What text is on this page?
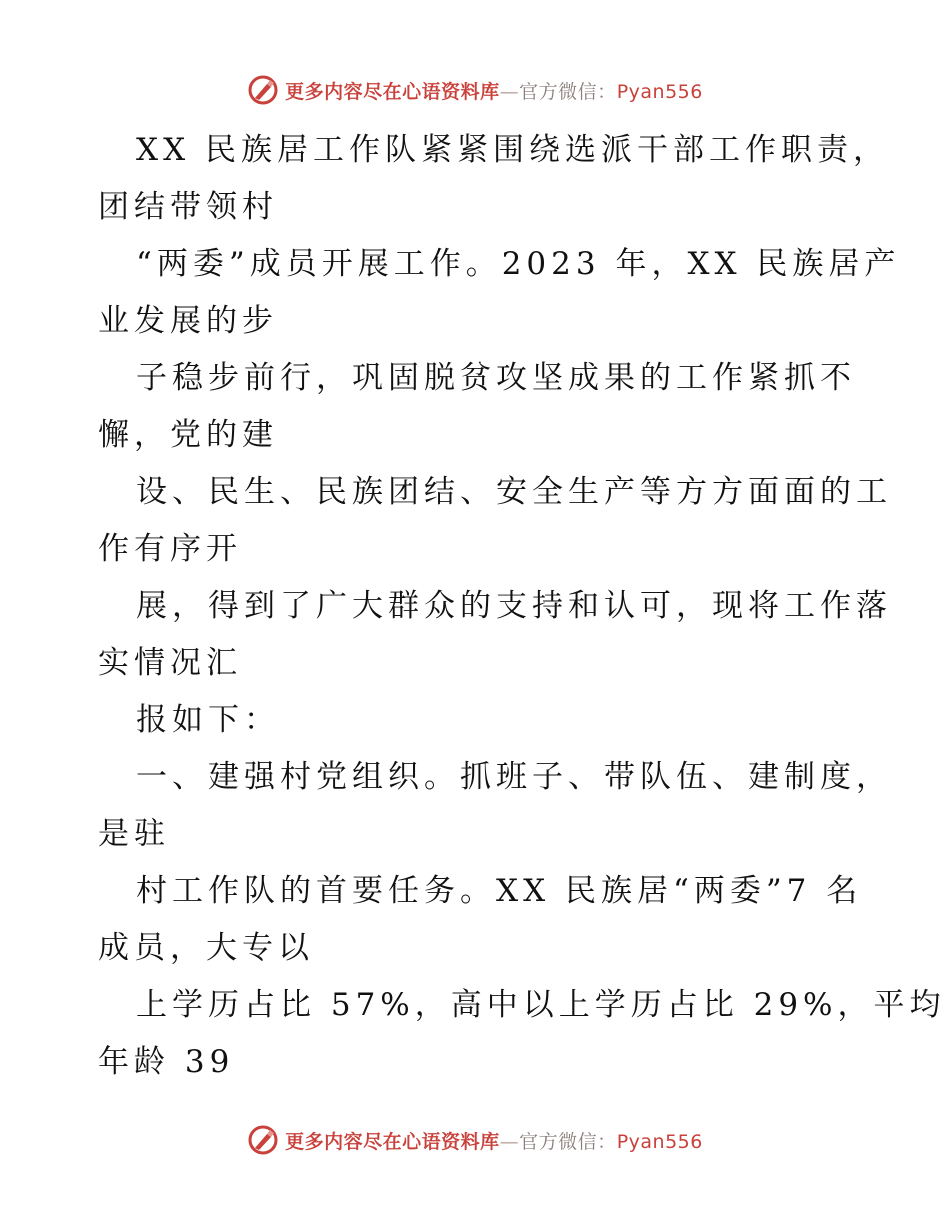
更多内容尽在心语资料库—官方微信：Pyan556
XX 民族居工作队紧紧围绕选派干部工作职责，
团结带领村
“两委”成员开展工作。2023 年，XX 民族居产
业发展的步
子稳步前行，巩固脱贫攻坚成果的工作紧抓不
懈，党的建
设、民生、民族团结、安全生产等方方面面的工
作有序开
展，得到了广大群众的支持和认可，现将工作落
实情况汇
报如下：
一、建强村党组织。抓班子、带队伍、建制度，
是驻
村工作队的首要任务。XX 民族居“两委”7 名
成员，大专以
上学历占比 57%，高中以上学历占比 29%，平均
年龄 39
更多内容尽在心语资料库—官方微信：Pyan556
